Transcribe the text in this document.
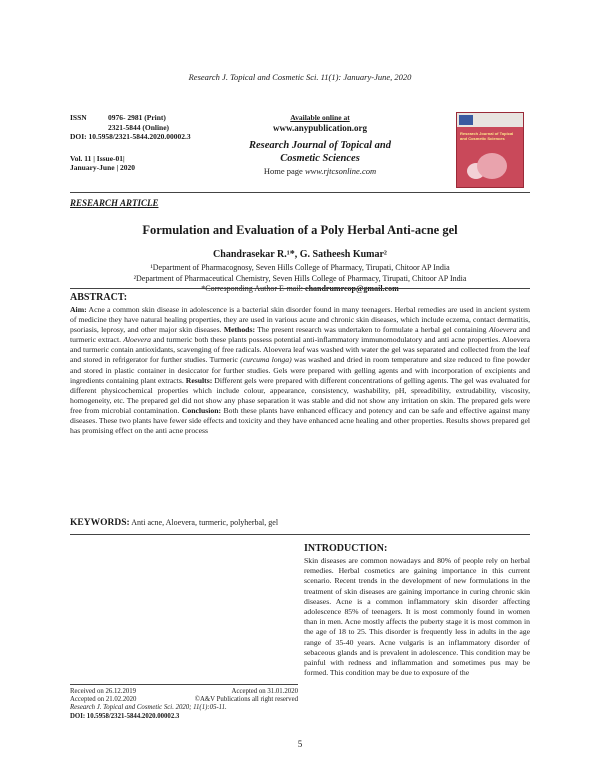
Research J. Topical and Cosmetic Sci. 11(1): January-June, 2020
ISSN	0976- 2981 (Print)
2321-5844 (Online)
DOI: 10.5958/2321-5844.2020.00002.3
Vol. 11 | Issue-01|
January-June | 2020
Available online at
www.anypublication.org
Research Journal of Topical and
Cosmetic Sciences
Home page www.rjtcsonline.com
Research Journal of Topical and Cosmetic Sciences
RESEARCH ARTICLE
Formulation and Evaluation of a Poly Herbal Anti-acne gel
Chandrasekar R.¹*, G. Satheesh Kumar²
¹Department of Pharmacognosy, Seven Hills College of Pharmacy, Tirupati, Chitoor AP India
²Department of Pharmaceutical Chemistry, Seven Hills College of Pharmacy, Tirupati, Chitoor AP India
*Corresponding Author E-mail: chandrumrcop@gmail.com
ABSTRACT:

Aim: Acne a common skin disease in adolescence is a bacterial skin disorder found in many teenagers. Herbal remedies are used in ancient system of medicine they have natural healing properties, they are used in various acute and chronic skin diseases, which include eczema, contact dermatitis, psoriasis, leprosy, and other major skin diseases. Methods: The present research was undertaken to formulate a herbal gel containing Aloevera and turmeric extract. Aloevera and turmeric both these plants possess potential anti-inflammatory immunomodulatory and anti acne properties. Aloevera and turmeric contain antioxidants, scavenging of free radicals. Aloevera leaf was washed with water the gel was separated and collected from the leaf and stored in refrigerator for further studies. Turmeric (curcuma longa) was washed and dried in room temperature and size reduced to fine powder and stored in plastic container in desiccator for further studies. Gels were prepared with gelling agents and with incorporation of excipients and ingredients containing plant extracts. Results: Different gels were prepared with different concentrations of gelling agents. The gel was evaluated for different physicochemical properties which include colour, appearance, consistency, washability, pH, spreadibility, extrudability, viscosity, homogeneity, etc. The prepared gel did not show any phase separation it was stable and did not show any irritation on skin. The prepared gels were free from microbial contamination. Conclusion: Both these plants have enhanced efficacy and potency and can be safe and effective against many diseases. These two plants have fewer side effects and toxicity and they have enhanced acne healing and other properties. Results shows prepared gel has promising effect on the anti acne process

KEYWORDS: Anti acne, Aloevera, turmeric, polyherbal, gel
INTRODUCTION:

Skin diseases are common nowadays and 80% of people rely on herbal remedies. Herbal cosmetics are gaining importance in this current scenario. Recent trends in the development of new formulations in the treatment of skin diseases are gaining importance in curing chronic skin diseases. Acne is a common inflammatory skin disorder affecting adolescence 85% of teenagers. It is most commonly found in women than in men. Acne mostly affects the puberty stage it is most common in the age of 18 to 25. This disorder is frequently less in adults in the age range of 35-40 years. Acne vulgaris is an inflammatory disorder of sebaceous glands and is prevalent in adolescence. This condition may be painful with redness and inflammation and sometimes pus may be formed. This condition may be due to exposure of the

Received on 26.12.2019	Accepted on 31.01.2020
Accepted on 21.02.2020	©A&V Publications all right reserved
Research J. Topical and Cosmetic Sci. 2020; 11(1):05-11.
DOI: 10.5958/2321-5844.2020.00002.3
5
